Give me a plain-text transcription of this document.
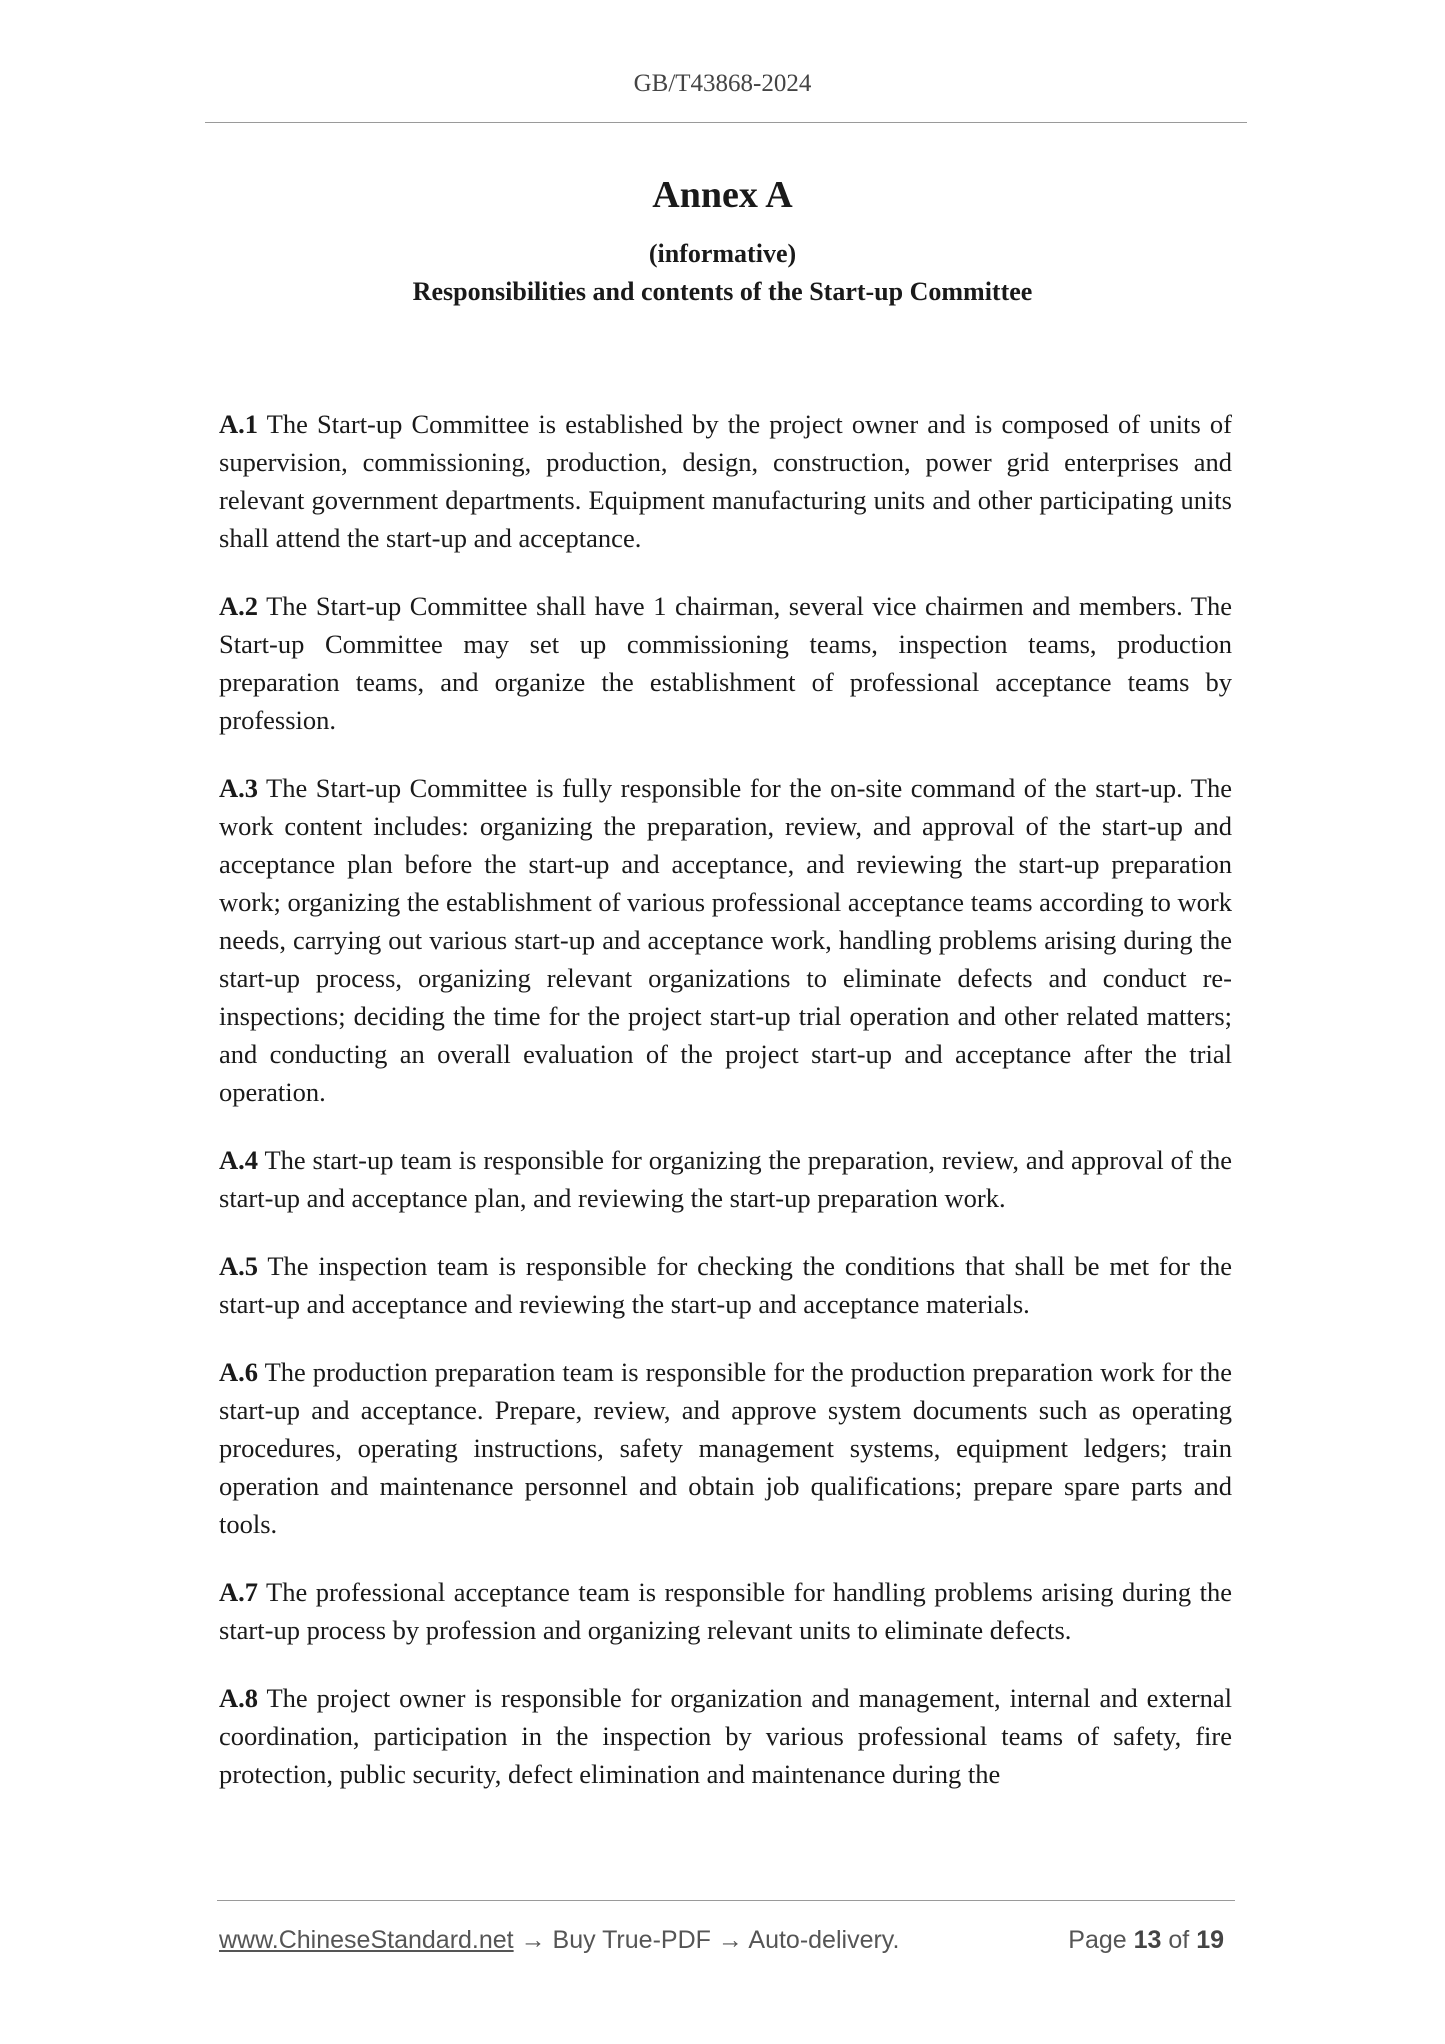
GB/T43868-2024
Annex A
(informative)
Responsibilities and contents of the Start-up Committee

A.1 The Start-up Committee is established by the project owner and is composed of units of supervision, commissioning, production, design, construction, power grid enterprises and relevant government departments. Equipment manufacturing units and other participating units shall attend the start-up and acceptance.

A.2 The Start-up Committee shall have 1 chairman, several vice chairmen and members. The Start-up Committee may set up commissioning teams, inspection teams, production preparation teams, and organize the establishment of professional acceptance teams by profession.

A.3 The Start-up Committee is fully responsible for the on-site command of the start-up. The work content includes: organizing the preparation, review, and approval of the start-up and acceptance plan before the start-up and acceptance, and reviewing the start-up preparation work; organizing the establishment of various professional acceptance teams according to work needs, carrying out various start-up and acceptance work, handling problems arising during the start-up process, organizing relevant organizations to eliminate defects and conduct re-inspections; deciding the time for the project start-up trial operation and other related matters; and conducting an overall evaluation of the project start-up and acceptance after the trial operation.

A.4 The start-up team is responsible for organizing the preparation, review, and approval of the start-up and acceptance plan, and reviewing the start-up preparation work.

A.5 The inspection team is responsible for checking the conditions that shall be met for the start-up and acceptance and reviewing the start-up and acceptance materials.

A.6 The production preparation team is responsible for the production preparation work for the start-up and acceptance. Prepare, review, and approve system documents such as operating procedures, operating instructions, safety management systems, equipment ledgers; train operation and maintenance personnel and obtain job qualifications; prepare spare parts and tools.

A.7 The professional acceptance team is responsible for handling problems arising during the start-up process by profession and organizing relevant units to eliminate defects.

A.8 The project owner is responsible for organization and management, internal and external coordination, participation in the inspection by various professional teams of safety, fire protection, public security, defect elimination and maintenance during the

www.ChineseStandard.net → Buy True-PDF → Auto-delivery.	Page 13 of 19
